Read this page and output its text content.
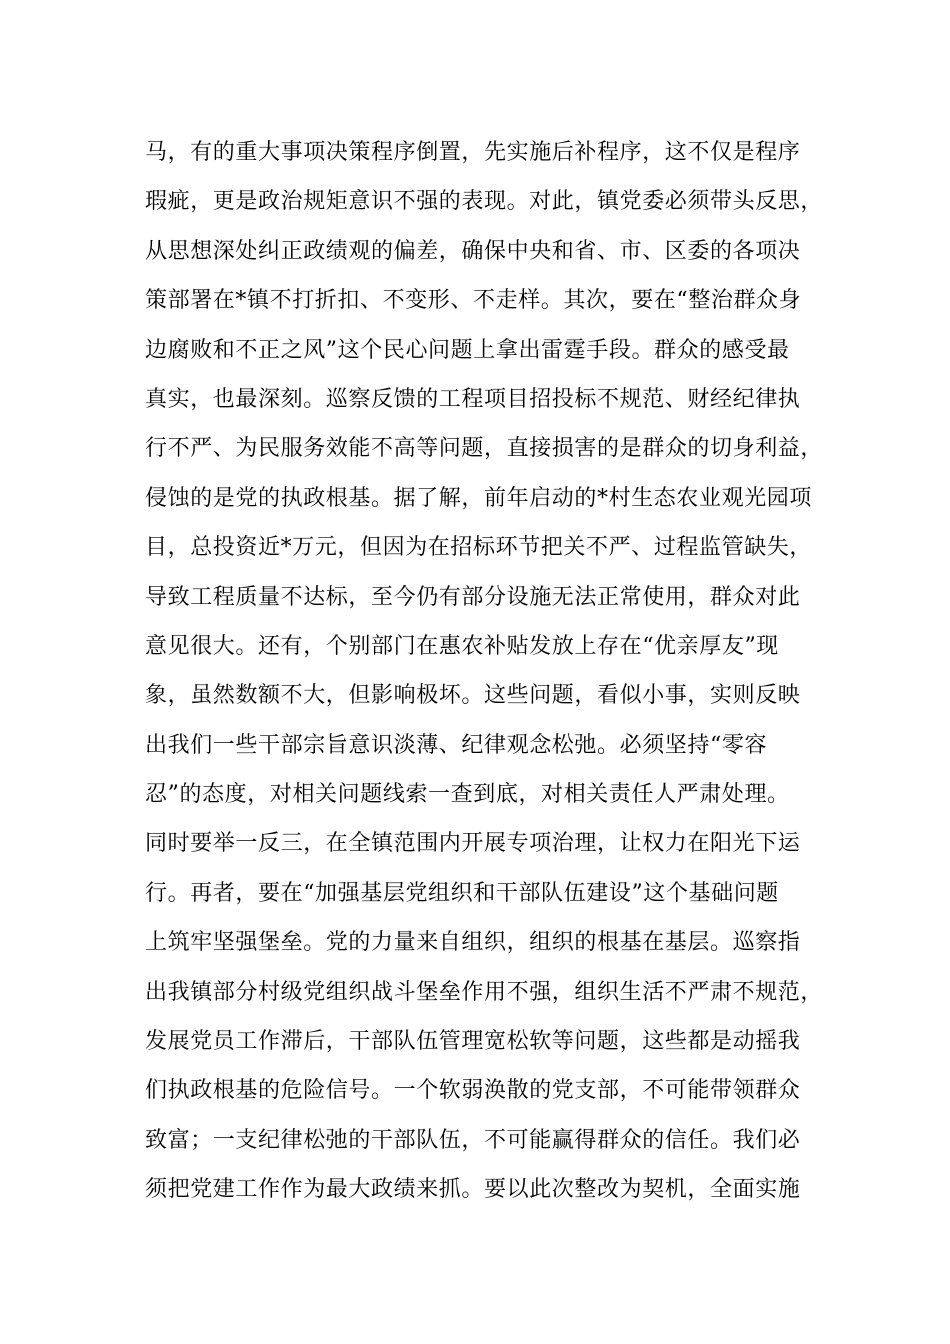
马，有的重大事项决策程序倒置，先实施后补程序，这不仅是程序
瑕疵，更是政治规矩意识不强的表现。对此，镇党委必须带头反思，
从思想深处纠正政绩观的偏差，确保中央和省、市、区委的各项决
策部署在*镇不打折扣、不变形、不走样。其次，要在“整治群众身
边腐败和不正之风”这个民心问题上拿出雷霆手段。群众的感受最
真实，也最深刻。巡察反馈的工程项目招投标不规范、财经纪律执
行不严、为民服务效能不高等问题，直接损害的是群众的切身利益，
侵蚀的是党的执政根基。据了解，前年启动的*村生态农业观光园项
目，总投资近*万元，但因为在招标环节把关不严、过程监管缺失，
导致工程质量不达标，至今仍有部分设施无法正常使用，群众对此
意见很大。还有，个别部门在惠农补贴发放上存在“优亲厚友”现
象，虽然数额不大，但影响极坏。这些问题，看似小事，实则反映
出我们一些干部宗旨意识淡薄、纪律观念松弛。必须坚持“零容
忍”的态度，对相关问题线索一查到底，对相关责任人严肃处理。
同时要举一反三，在全镇范围内开展专项治理，让权力在阳光下运
行。再者，要在“加强基层党组织和干部队伍建设”这个基础问题
上筑牢坚强堡垒。党的力量来自组织，组织的根基在基层。巡察指
出我镇部分村级党组织战斗堡垒作用不强，组织生活不严肃不规范，
发展党员工作滞后，干部队伍管理宽松软等问题，这些都是动摇我
们执政根基的危险信号。一个软弱涣散的党支部，不可能带领群众
致富；一支纪律松弛的干部队伍，不可能赢得群众的信任。我们必
须把党建工作作为最大政绩来抓。要以此次整改为契机，全面实施
